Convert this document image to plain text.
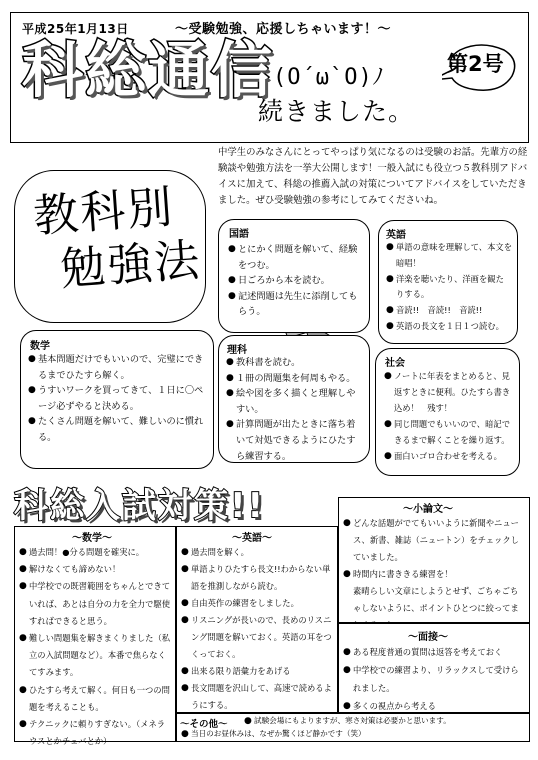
平成25年1月13日	～受験勉強、応援しちゃいます！～
科総通信
(O´ω`O)ﾉ
続きました。
第2号
中学生のみなさんにとってやっぱり気になるのは受験のお話。先輩方の経験談や勉強方法を一挙大公開します！一般入試にも役立つ５教科別アドバイスに加えて、科総の推薦入試の対策についてアドバイスをしていただきました。ぜひ受験勉強の参考にしてみてくださいね。
教科別
勉強法	国語
● とにかく問題を解いて、経験をつむ。
● 日ごろから本を読む。
● 記述問題は先生に添削してもらう。
英語
● 単語の意味を理解して、本文を暗唱！
● 洋楽を聴いたり、洋画を観たりする。
● 音読!!　音読!!　音読!!
● 英語の長文を１日１つ読む。
数学
● 基本問題だけでもいいので、完璧にできるまでひたすら解く。
● うすいワークを買ってきて、１日に〇ページ必ずやると決める。
● たくさん問題を解いて、難しいのに慣れる。
理科
● 教科書を読む。
● １冊の問題集を何周もやる。
● 絵や図を多く描くと理解しやすい。
● 計算問題が出たときに落ち着いて対処できるようにひたすら練習する。
社会
● ノートに年表をまとめると、見返すときに便利。ひたすら書き込め！　残す！
● 同じ問題でもいいので、暗記できるまで解くことを繰り返す。
● 面白いゴロ合わせを考える。
科総入試対策!!
～数学～
● 過去問！●分る問題を確実に。
● 解けなくても諦めない！
● 中学校での既習範囲をちゃんとできていれば、あとは自分の力を全力で駆使すればできると思う。
● 難しい問題集を解きまくりました（私立の入試問題など）。本番で焦らなくてすみます。
● ひたすら考えて解く。何日も一つの問題を考えることも。
● テクニックに頼りすぎない。（メネラウスとかチェバとか）
～英語～
● 過去問を解く。
● 単語よりひたすら長文!!わからない単語を推測しながら読む。
● 自由英作の練習をしました。
● リスニングが長いので、長めのリスニング問題を解いておく。英語の耳をつくっておく。
● 出来る限り語彙力をあげる
● 長文問題を沢山して、高速で読めるようにする。
～小論文～
● どんな話題がでてもいいように新聞やニュース、新書、雑誌（ニュートン）をチェックしていました。
● 時間内に書ききる練習を！
素晴らしい文章にしようとせず、ごちゃごちゃしないように、ポイントひとつに絞ってま
～面接～
● ある程度普通の質問は返答を考えておく
● 中学校での練習より、リラックスして受けられました。
● 多くの視点から考える
～その他～ ● 試験会場にもよりますが、寒さ対策は必要かと思います。
● 当日のお昼休みは、なぜか驚くほど静かです（笑）
